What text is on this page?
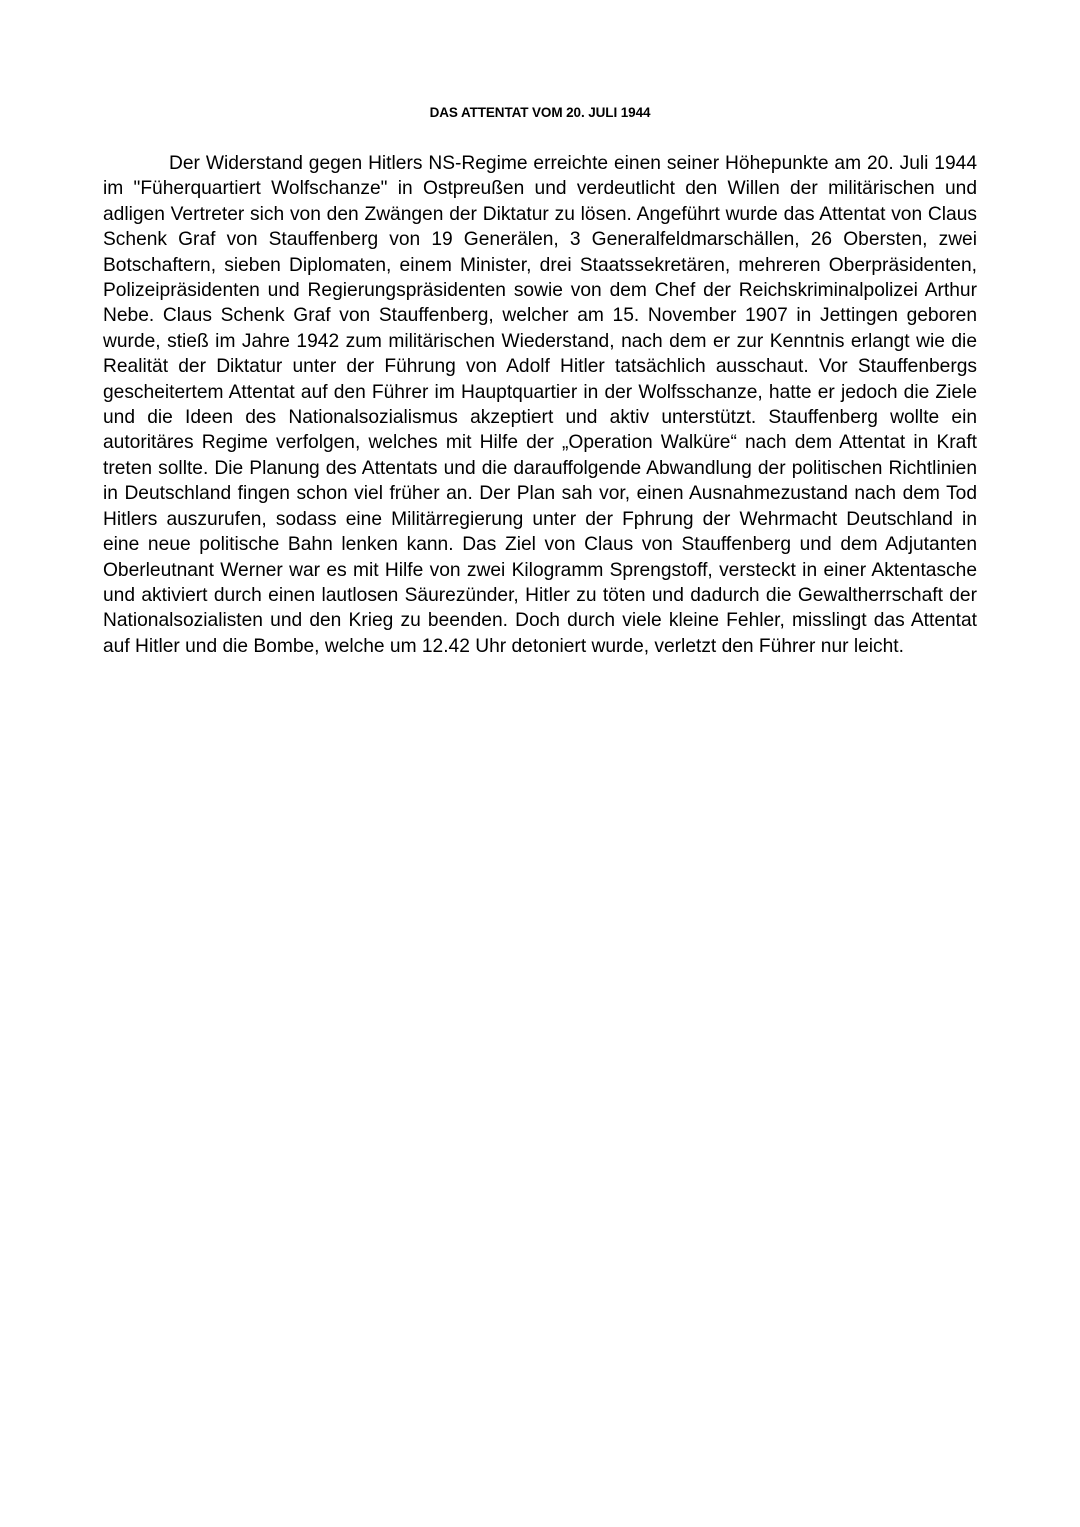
DAS ATTENTAT VOM 20. JULI 1944

Der Widerstand gegen Hitlers NS-Regime erreichte einen seiner Höhepunkte am 20. Juli 1944 im "Füherquartiert Wolfschanze" in Ostpreußen und verdeutlicht den Willen der militärischen und adligen Vertreter sich von den Zwängen der Diktatur zu lösen. Angeführt wurde das Attentat von Claus Schenk Graf von Stauffenberg von 19 Generälen, 3 Generalfeldmarschällen, 26 Obersten, zwei Botschaftern, sieben Diplomaten, einem Minister, drei Staatssekretären, mehreren Oberpräsidenten, Polizeipräsidenten und Regierungspräsidenten sowie von dem Chef der Reichskriminalpolizei Arthur Nebe. Claus Schenk Graf von Stauffenberg, welcher am 15. November 1907 in Jettingen geboren wurde, stieß im Jahre 1942 zum militärischen Wiederstand, nach dem er zur Kenntnis erlangt wie die Realität der Diktatur unter der Führung von Adolf Hitler tatsächlich ausschaut. Vor Stauffenbergs gescheitertem Attentat auf den Führer im Hauptquartier in der Wolfsschanze, hatte er jedoch die Ziele und die Ideen des Nationalsozialismus akzeptiert und aktiv unterstützt. Stauffenberg wollte ein autoritäres Regime verfolgen, welches mit Hilfe der „Operation Walküre“ nach dem Attentat in Kraft treten sollte. Die Planung des Attentats und die darauffolgende Abwandlung der politischen Richtlinien in Deutschland fingen schon viel früher an. Der Plan sah vor, einen Ausnahmezustand nach dem Tod Hitlers auszurufen, sodass eine Militärregierung unter der Fphrung der Wehrmacht Deutschland in eine neue politische Bahn lenken kann. Das Ziel von Claus von Stauffenberg und dem Adjutanten Oberleutnant Werner war es mit Hilfe von zwei Kilogramm Sprengstoff, versteckt in einer Aktentasche und aktiviert durch einen lautlosen Säurezünder, Hitler zu töten und dadurch die Gewaltherrschaft der Nationalsozialisten und den Krieg zu beenden. Doch durch viele kleine Fehler, misslingt das Attentat auf Hitler und die Bombe, welche um 12.42 Uhr detoniert wurde, verletzt den Führer nur leicht.
